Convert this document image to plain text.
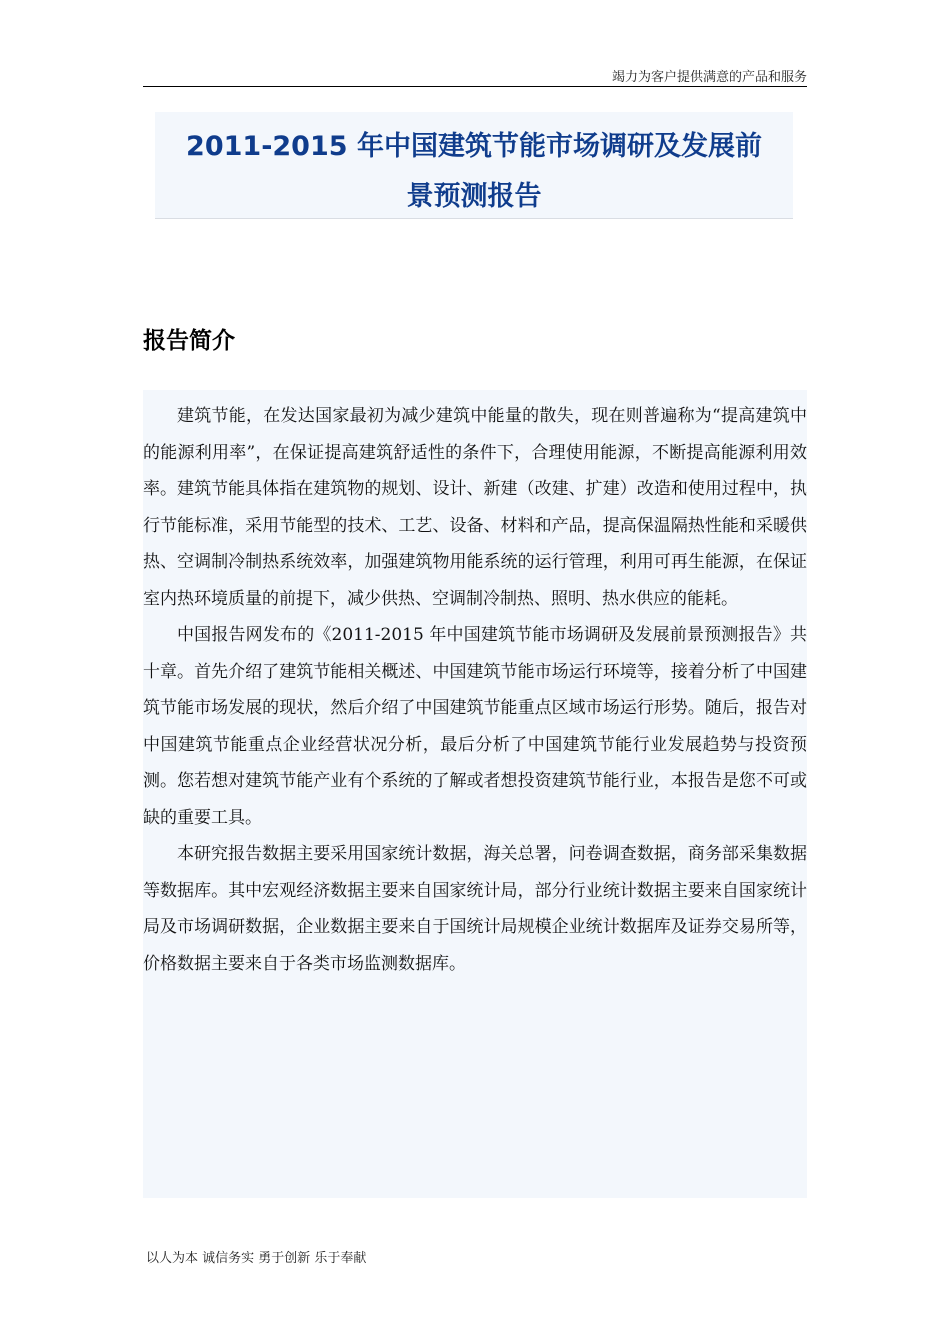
竭力为客户提供满意的产品和服务
2011-2015 年中国建筑节能市场调研及发展前
景预测报告
报告简介

建筑节能，在发达国家最初为减少建筑中能量的散失，现在则普遍称为“提高建筑中的能源利用率”，在保证提高建筑舒适性的条件下，合理使用能源，不断提高能源利用效率。建筑节能具体指在建筑物的规划、设计、新建（改建、扩建）改造和使用过程中，执行节能标准，采用节能型的技术、工艺、设备、材料和产品，提高保温隔热性能和采暖供热、空调制冷制热系统效率，加强建筑物用能系统的运行管理，利用可再生能源，在保证室内热环境质量的前提下，减少供热、空调制冷制热、照明、热水供应的能耗。

中国报告网发布的《2011-2015 年中国建筑节能市场调研及发展前景预测报告》共十章。首先介绍了建筑节能相关概述、中国建筑节能市场运行环境等，接着分析了中国建筑节能市场发展的现状，然后介绍了中国建筑节能重点区域市场运行形势。随后，报告对中国建筑节能重点企业经营状况分析，最后分析了中国建筑节能行业发展趋势与投资预测。您若想对建筑节能产业有个系统的了解或者想投资建筑节能行业，本报告是您不可或缺的重要工具。

本研究报告数据主要采用国家统计数据，海关总署，问卷调查数据，商务部采集数据等数据库。其中宏观经济数据主要来自国家统计局，部分行业统计数据主要来自国家统计局及市场调研数据，企业数据主要来自于国统计局规模企业统计数据库及证券交易所等，价格数据主要来自于各类市场监测数据库。

以人为本 诚信务实 勇于创新 乐于奉献
